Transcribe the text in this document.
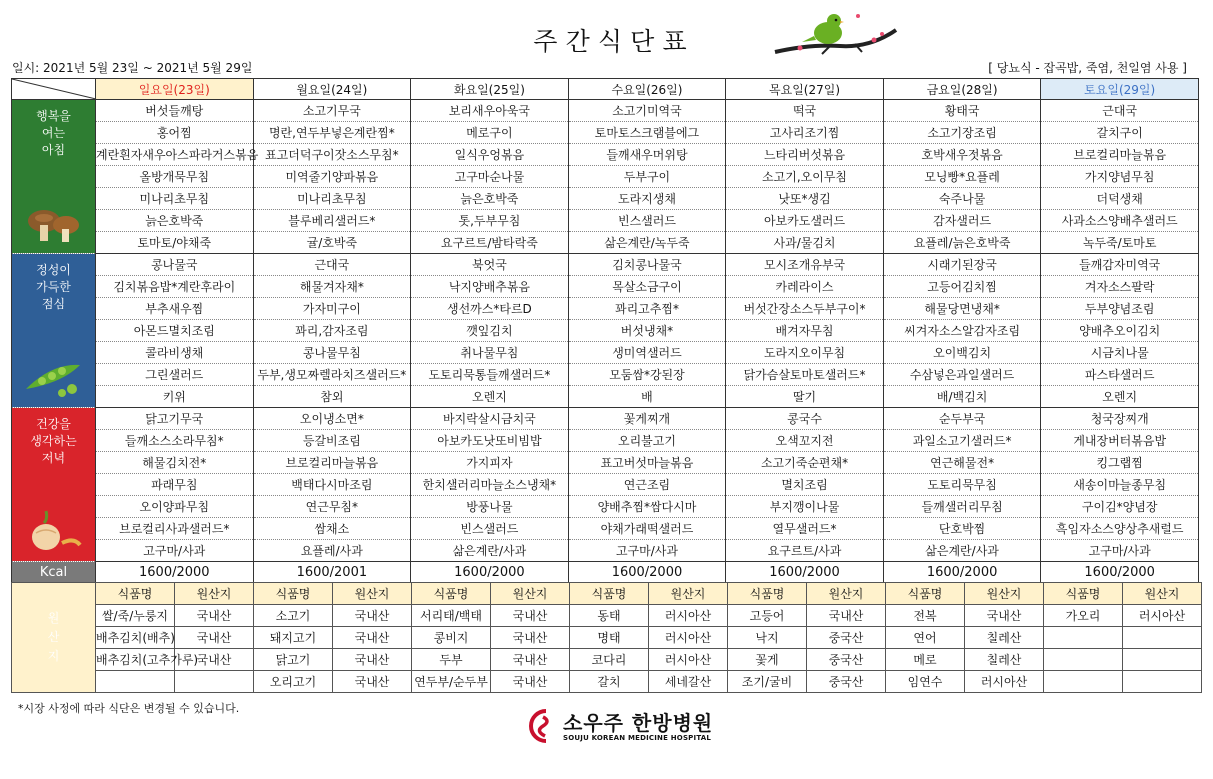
주 간 식 단 표
일시: 2021년 5월 23일 ~ 2021년 5월 29일	[ 당뇨식 - 잡곡밥, 죽염, 천일염 사용 ]
	일요일(23일)	월요일(24일)	화요일(25일)	수요일(26일)	목요일(27일)	금요일(28일)	토요일(29일)

행복을
여는
아침	버섯들깨탕	소고기무국	보리새우아욱국	소고기미역국	떡국	황태국	근대국
	홍어찜	명란,연두부넣은계란찜*	메로구이	토마토스크램블에그	고사리조기찜	소고기장조림	갈치구이
	계란흰자새우아스파라거스볶음	표고더덕구이잣소스무침*	일식우엉볶음	들깨새우머위탕	느타리버섯볶음	호박새우젓볶음	브로컬리마늘볶음
	올방개묵무침	미역줄기양파볶음	고구마순나물	두부구이	소고기,오이무침	모닝빵*요플레	가지양념무침
	미나리초무침	미나리초무침	늙은호박죽	도라지생채	낫또*생김	숙주나물	더덕생채
	늙은호박죽	블루베리샐러드*	톳,두부무침	빈스샐러드	아보카도샐러드	감자샐러드	사과소스양배추샐러드
	토마토/야채죽	귤/호박죽	요구르트/밤타락죽	삶은계란/녹두죽	사과/물김치	요플레/늙은호박죽	녹두죽/토마토

정성이
가득한
점심	콩나물국	근대국	북엇국	김치콩나물국	모시조개유부국	시래기된장국	들깨감자미역국
	김치볶음밥*계란후라이	해물겨자채*	낙지양배추볶음	목살소금구이	카레라이스	고등어김치찜	겨자소스팔락
	부추새우찜	가자미구이	생선까스*타르D	꽈리고추찜*	버섯간장소스두부구이*	해물당면냉채*	두부양념조림
	아몬드멸치조림	꽈리,감자조림	깻잎김치	버섯냉채*	배겨자무침	씨겨자소스알감자조림	양배추오이김치
	콜라비생채	콩나물무침	취나물무침	생미역샐러드	도라지오이무침	오이백김치	시금치나물
	그린샐러드	두부,생모짜렐라치즈샐러드*	도토리묵통들깨샐러드*	모둠쌈*강된장	닭가슴살토마토샐러드*	수삼넣은과일샐러드	파스타샐러드
	키위	참외	오렌지	배	딸기	배/백김치	오렌지

건강을
생각하는
저녁	닭고기무국	오이냉소면*	바지락살시금치국	꽃게찌개	콩국수	순두부국	청국장찌개
	들깨소스소라무침*	등갈비조림	아보카도낫또비빔밥	오리불고기	오색꼬지전	과일소고기샐러드*	게내장버터볶음밥
	해물김치전*	브로컬리마늘볶음	가지피자	표고버섯마늘볶음	소고기죽순편채*	연근해물전*	킹그랩찜
	파래무침	백태다시마조림	한치샐러리마늘소스냉채*	연근조림	멸치조림	도토리묵무침	새송이마늘종무침
	오이양파무침	연근무침*	방풍나물	양배추찜*쌈다시마	부지깽이나물	들깨샐러리무침	구이김*양념장
	브로컬리사과샐러드*	쌈채소	빈스샐러드	야채가래떡샐러드	열무샐러드*	단호박찜	흑임자소스양상추새럴드
	고구마/사과	요플레/사과	삶은계란/사과	고구마/사과	요구르트/사과	삶은계란/사과	고구마/사과
Kcal	1600/2000	1600/2001	1600/2000	1600/2000	1600/2000	1600/2000	1600/2000
원
산
지	식품명	원산지	식품명	원산지	식품명	원산지	식품명	원산지	식품명	원산지	식품명	원산지	식품명	원산지
	쌀/죽/누룽지	국내산	소고기	국내산	서리태/백태	국내산	동태	러시아산	고등어	국내산	전복	국내산	가오리	러시아산
	배추김치(배추)	국내산	돼지고기	국내산	콩비지	국내산	명태	러시아산	낙지	중국산	연어	칠레산		
	배추김치(고추가루)	국내산	닭고기	국내산	두부	국내산	코다리	러시아산	꽃게	중국산	메로	칠레산		
			오리고기	국내산	연두부/순두부	국내산	갈치	세네갈산	조기/굴비	중국산	임연수	러시아산		
*시장 사정에 따라 식단은 변경될 수 있습니다.
소우주 한방병원
SOUJU KOREAN MEDICINE HOSPITAL
